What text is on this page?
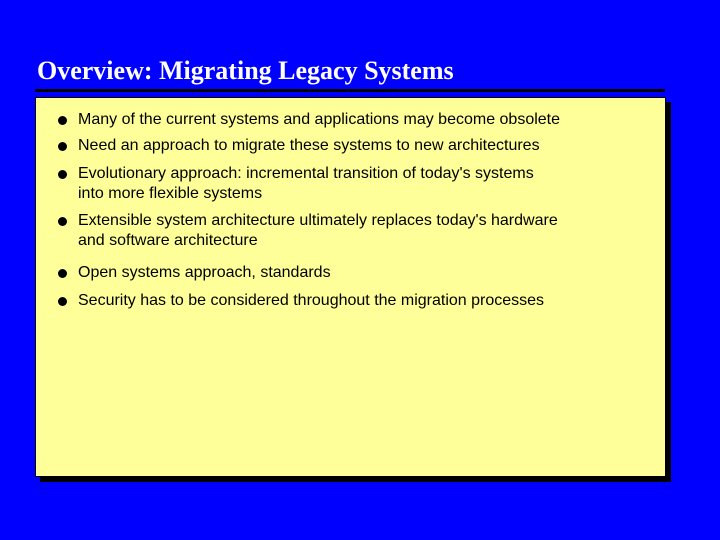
Overview: Migrating Legacy Systems
Many of the current systems and applications may become obsolete
Need an approach to migrate these systems to new architectures
Evolutionary approach: incremental transition of today's systems
into more flexible systems
Extensible system architecture ultimately replaces today's hardware
and software architecture
Open systems approach, standards
Security has to be considered throughout the migration processes
